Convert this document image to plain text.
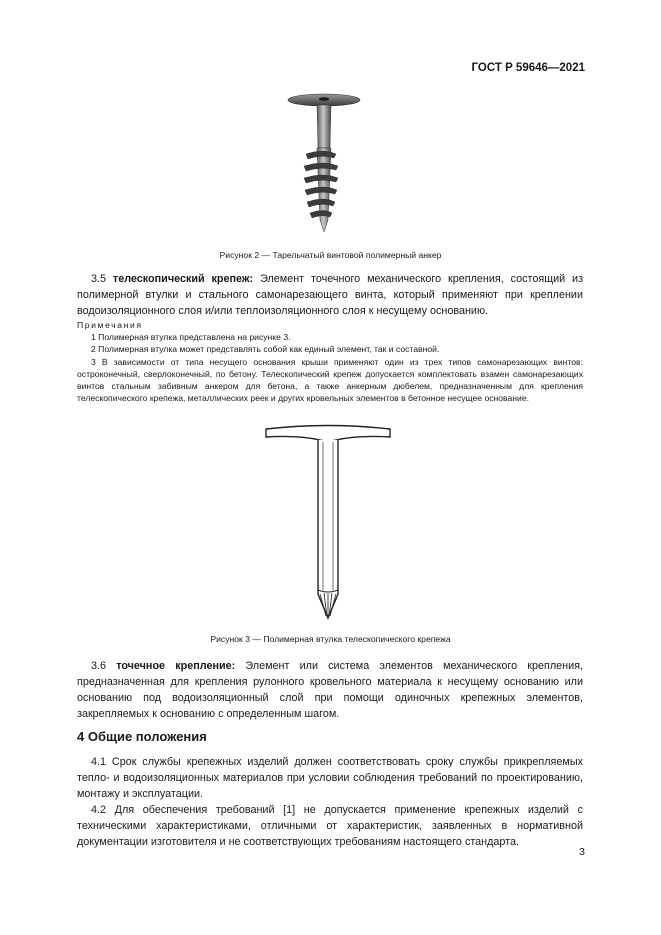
ГОСТ Р 59646—2021
Рисунок 2 — Тарельчатый винтовой полимерный анкер

3.5 телескопический крепеж: Элемент точечного механического крепления, состоящий из полимерной втулки и стального самонарезающего винта, который применяют при креплении водоизоляционного слоя и/или теплоизоляционного слоя к несущему основанию.

Примечания
1 Полимерная втулка представлена на рисунке 3.
2 Полимерная втулка может представлять собой как единый элемент, так и составной.
3 В зависимости от типа несущего основания крыши применяют один из трех типов самонарезающих винтов: остроконечный, сверлоконечный, по бетону. Телескопический крепеж допускается комплектовать взамен самонарезающих винтов стальным забивным анкером для бетона, а также анкерным дюбелем, предназначенным для крепления телескопического крепежа, металлических реек и других кровельных элементов в бетонное несущее основание.
Рисунок 3 — Полимерная втулка телескопического крепежа

3.6 точечное крепление: Элемент или система элементов механического крепления, предназначенная для крепления рулонного кровельного материала к несущему основанию или основанию под водоизоляционный слой при помощи одиночных крепежных элементов, закрепляемых к основанию с определенным шагом.

4 Общие положения

4.1 Срок службы крепежных изделий должен соответствовать сроку службы прикрепляемых тепло- и водоизоляционных материалов при условии соблюдения требований по проектированию, монтажу и эксплуатации.

4.2 Для обеспечения требований [1] не допускается применение крепежных изделий с техническими характеристиками, отличными от характеристик, заявленных в нормативной документации изготовителя и не соответствующих требованиям настоящего стандарта.

3
